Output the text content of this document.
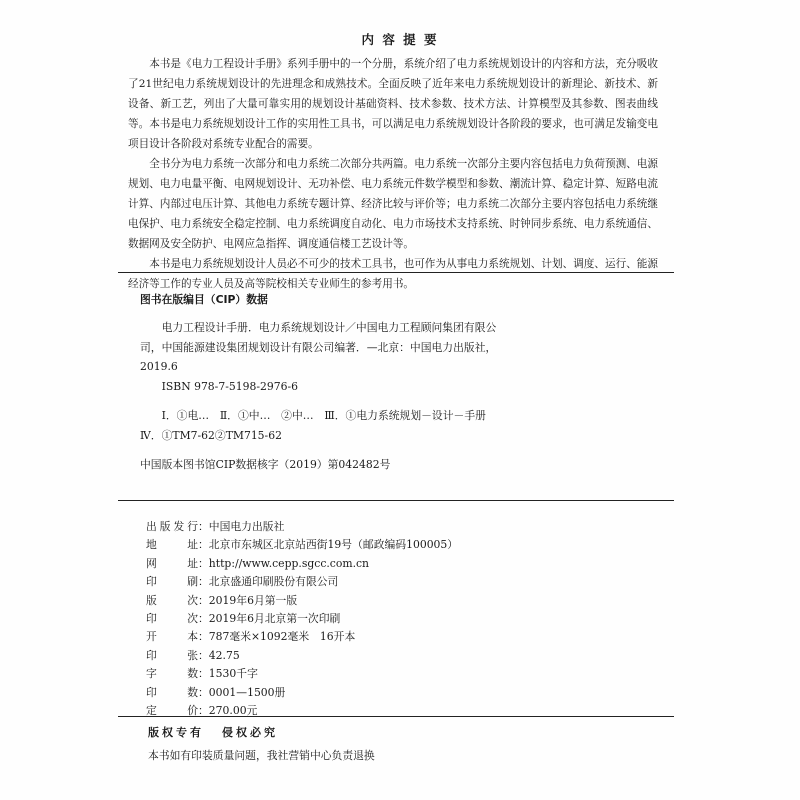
内 容 提 要

本书是《电力工程设计手册》系列手册中的一个分册，系统介绍了电力系统规划设计的内容和方法，充分吸收了21世纪电力系统规划设计的先进理念和成熟技术。全面反映了近年来电力系统规划设计的新理论、新技术、新设备、新工艺，列出了大量可靠实用的规划设计基础资料、技术参数、技术方法、计算模型及其参数、图表曲线等。本书是电力系统规划设计工作的实用性工具书，可以满足电力系统规划设计各阶段的要求，也可满足发输变电项目设计各阶段对系统专业配合的需要。

全书分为电力系统一次部分和电力系统二次部分共两篇。电力系统一次部分主要内容包括电力负荷预测、电源规划、电力电量平衡、电网规划设计、无功补偿、电力系统元件数学模型和参数、潮流计算、稳定计算、短路电流计算、内部过电压计算、其他电力系统专题计算、经济比较与评价等；电力系统二次部分主要内容包括电力系统继电保护、电力系统安全稳定控制、电力系统调度自动化、电力市场技术支持系统、时钟同步系统、电力系统通信、数据网及安全防护、电网应急指挥、调度通信楼工艺设计等。

本书是电力系统规划设计人员必不可少的技术工具书，也可作为从事电力系统规划、计划、调度、运行、能源经济等工作的专业人员及高等院校相关专业师生的参考用书。

图书在版编目（CIP）数据

电力工程设计手册．电力系统规划设计／中国电力工程顾问集团有限公司，中国能源建设集团规划设计有限公司编著．—北京：中国电力出版社，2019.6

ISBN 978-7-5198-2976-6

Ⅰ．①电…　Ⅱ．①中…　②中…　Ⅲ．①电力系统规划－设计－手册　Ⅳ．①TM7-62②TM715-62

中国版本图书馆CIP数据核字（2019）第042482号

出版发行 ： 中国电力出版社
地址 ： 北京市东城区北京站西街19号（邮政编码100005）
网址 ： http://www.cepp.sgcc.com.cn
印刷 ： 北京盛通印刷股份有限公司
版次 ： 2019年6月第一版
印次 ： 2019年6月北京第一次印刷
开本 ： 787毫米×1092毫米　16开本
印张 ： 42.75
字数 ： 1530千字
印数 ： 0001—1500册
定价 ： 270.00元
版权专有 侵权必究
本书如有印装质量问题，我社营销中心负责退换
